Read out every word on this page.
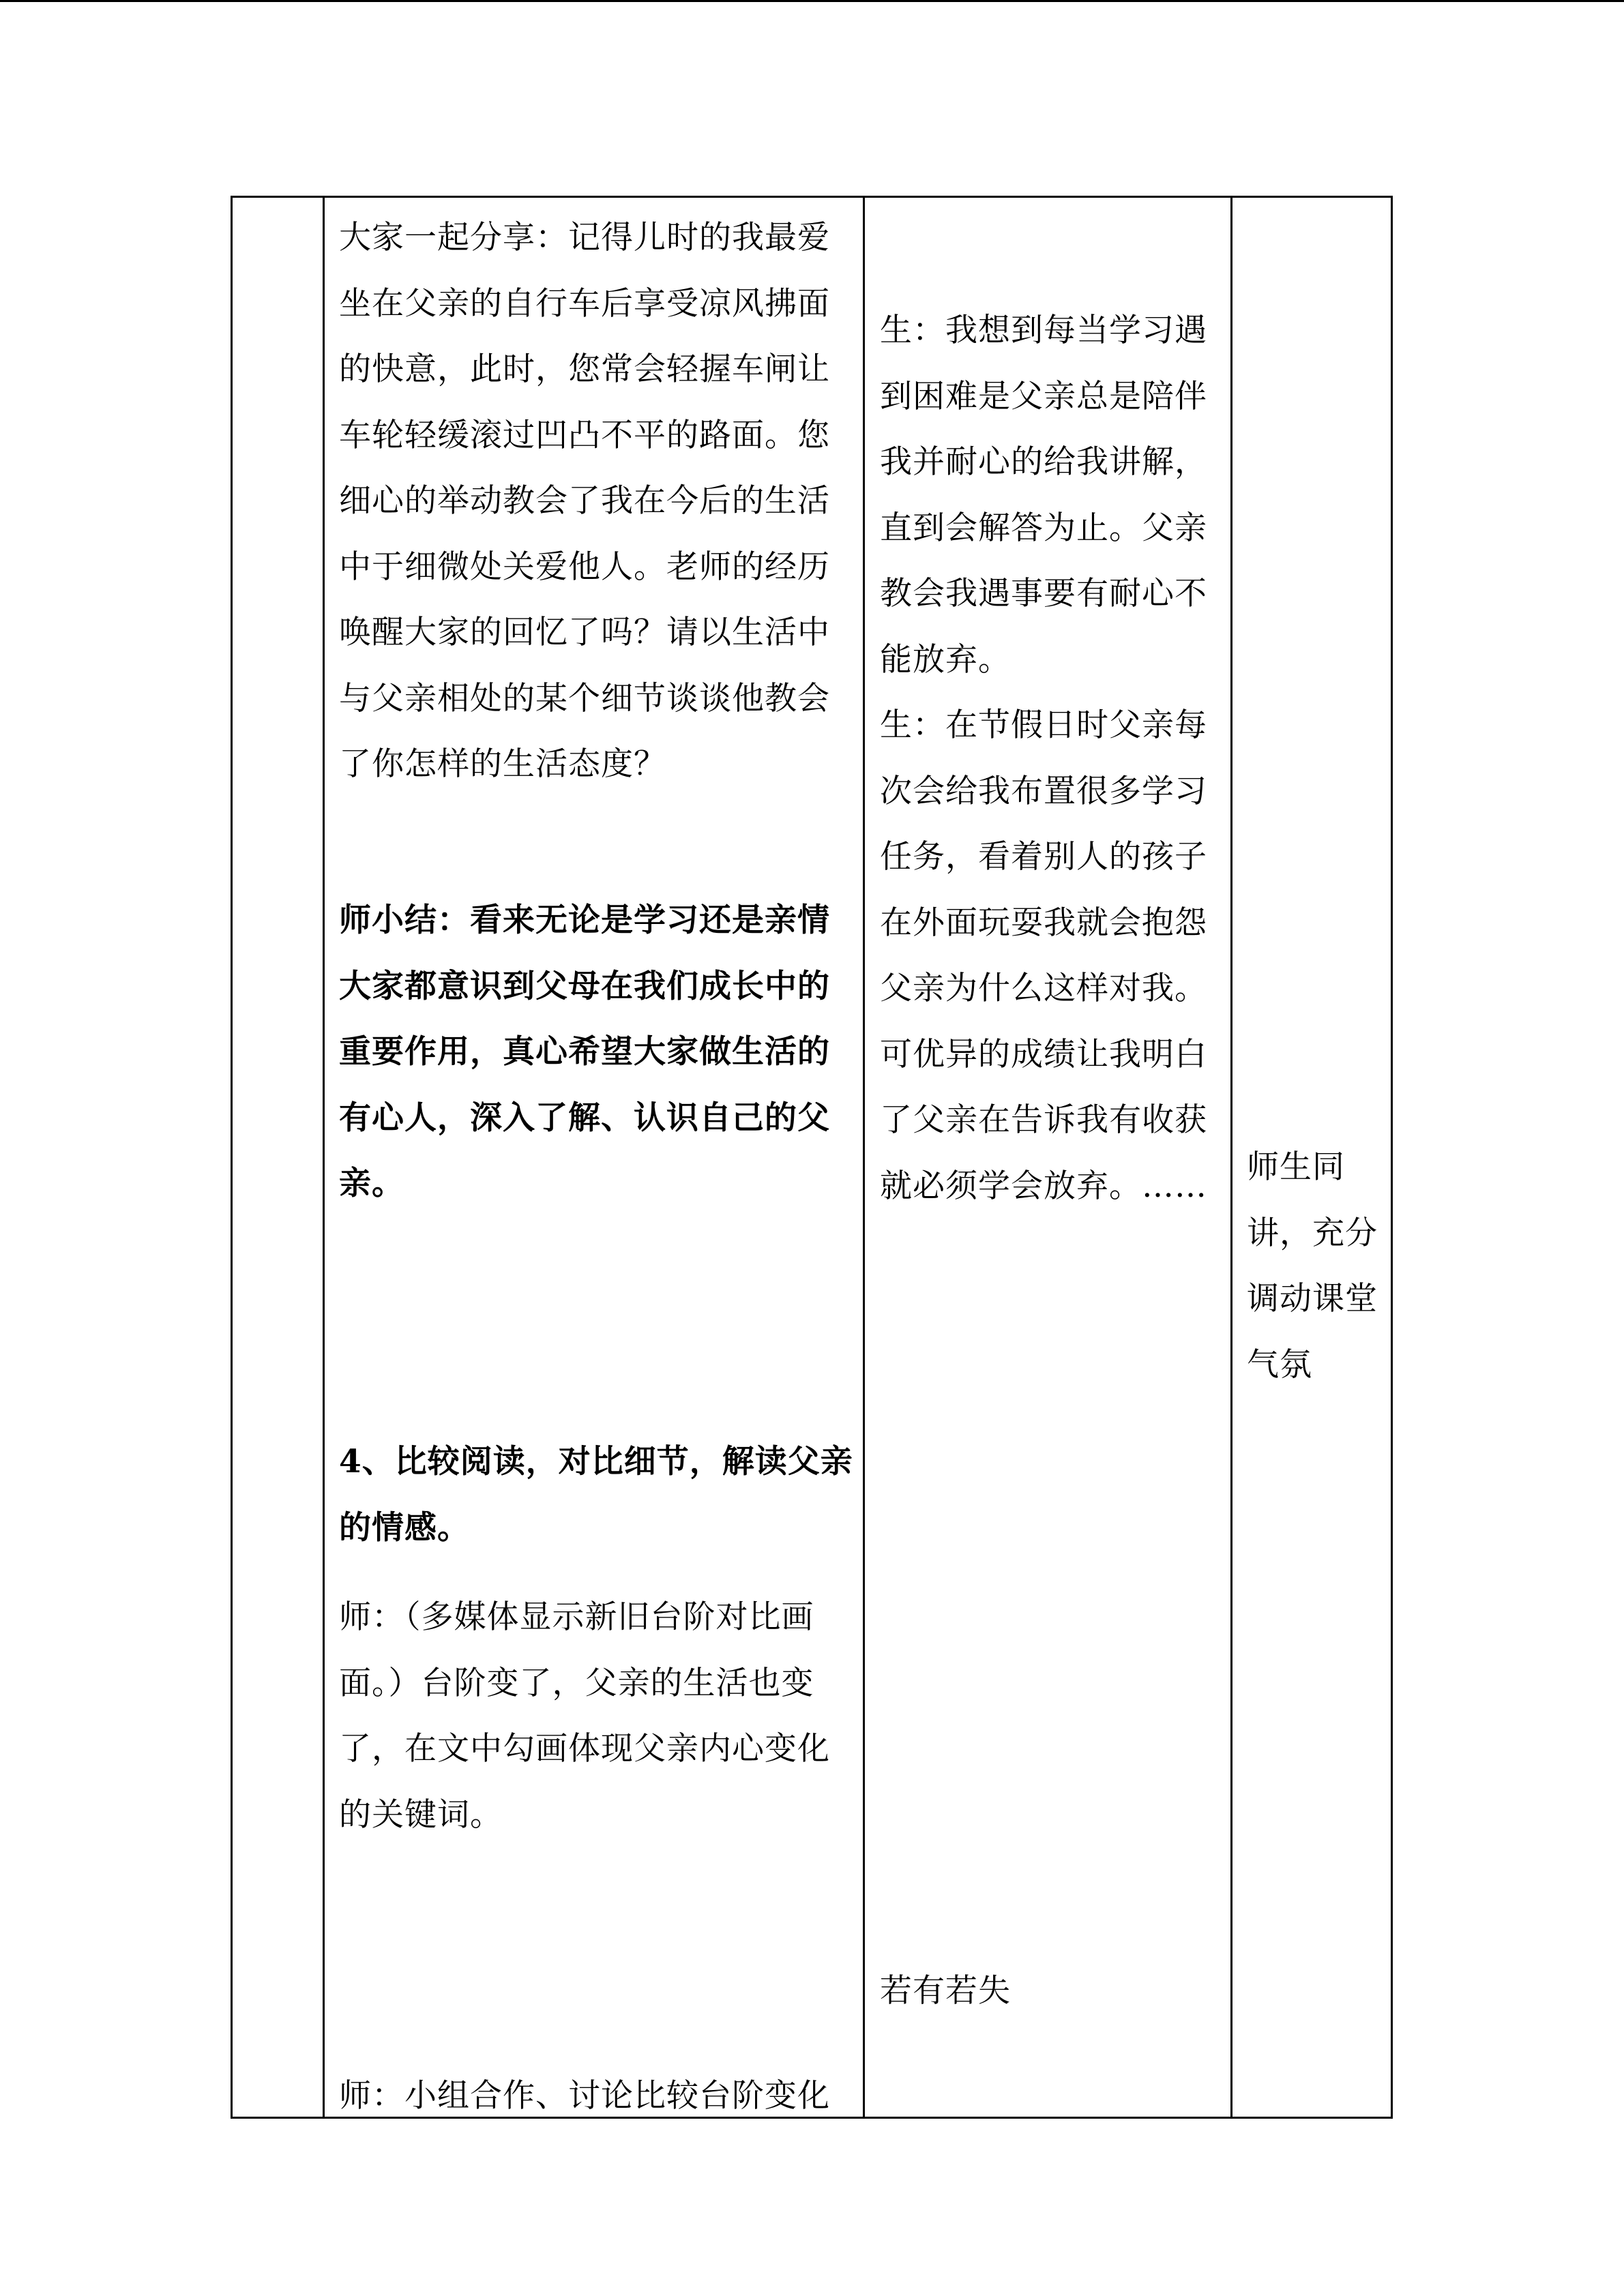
大家一起分享：记得儿时的我最爱

坐在父亲的自行车后享受凉风拂面

的快意，此时，您常会轻握车闸让

车轮轻缓滚过凹凸不平的路面。您

细心的举动教会了我在今后的生活

中于细微处关爱他人。老师的经历

唤醒大家的回忆了吗？请以生活中

与父亲相处的某个细节谈谈他教会

了你怎样的生活态度？

师小结：看来无论是学习还是亲情

大家都意识到父母在我们成长中的

重要作用，真心希望大家做生活的

有心人，深入了解、认识自己的父

亲。

4、比较阅读，对比细节，解读父亲

的情感。

师：（多媒体显示新旧台阶对比画

面。）台阶变了，父亲的生活也变

了，在文中勾画体现父亲内心变化

的关键词。

师：小组合作、讨论比较台阶变化

生：我想到每当学习遇

到困难是父亲总是陪伴

我并耐心的给我讲解，

直到会解答为止。父亲

教会我遇事要有耐心不

能放弃。

生：在节假日时父亲每

次会给我布置很多学习

任务，看着别人的孩子

在外面玩耍我就会抱怨

父亲为什么这样对我。

可优异的成绩让我明白

了父亲在告诉我有收获

就必须学会放弃。……

若有若失

师生同

讲，充分

调动课堂

气氛
